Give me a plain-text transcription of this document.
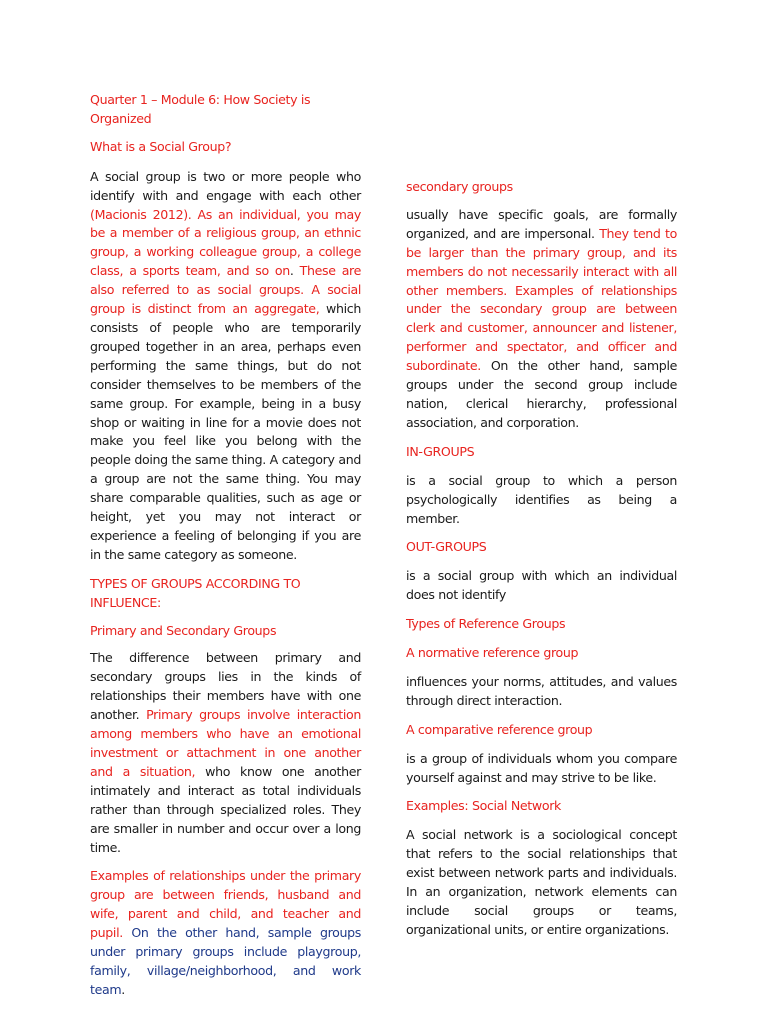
Quarter 1 – Module 6: How Society is Organized

What is a Social Group?

A social group is two or more people who identify with and engage with each other (Macionis 2012). As an individual, you may be a member of a religious group, an ethnic group, a working colleague group, a college class, a sports team, and so on. These are also referred to as social groups. A social group is distinct from an aggregate, which consists of people who are temporarily grouped together in an area, perhaps even performing the same things, but do not consider themselves to be members of the same group. For example, being in a busy shop or waiting in line for a movie does not make you feel like you belong with the people doing the same thing. A category and a group are not the same thing. You may share comparable qualities, such as age or height, yet you may not interact or experience a feeling of belonging if you are in the same category as someone.

TYPES OF GROUPS ACCORDING TO INFLUENCE:

Primary and Secondary Groups

The difference between primary and secondary groups lies in the kinds of relationships their members have with one another. Primary groups involve interaction among members who have an emotional investment or attachment in one another and a situation, who know one another intimately and interact as total individuals rather than through specialized roles. They are smaller in number and occur over a long time.

Examples of relationships under the primary group are between friends, husband and wife, parent and child, and teacher and pupil. On the other hand, sample groups under primary groups include playgroup, family, village/neighborhood, and work team.

secondary groups

usually have specific goals, are formally organized, and are impersonal. They tend to be larger than the primary group, and its members do not necessarily interact with all other members. Examples of relationships under the secondary group are between clerk and customer, announcer and listener, performer and spectator, and officer and subordinate. On the other hand, sample groups under the second group include nation, clerical hierarchy, professional association, and corporation.

IN-GROUPS

is a social group to which a person psychologically identifies as being a member.

OUT-GROUPS

is a social group with which an individual does not identify

Types of Reference Groups

A normative reference group

influences your norms, attitudes, and values through direct interaction.

A comparative reference group

is a group of individuals whom you compare yourself against and may strive to be like.

Examples: Social Network

A social network is a sociological concept that refers to the social relationships that exist between network parts and individuals. In an organization, network elements can include social groups or teams, organizational units, or entire organizations.
